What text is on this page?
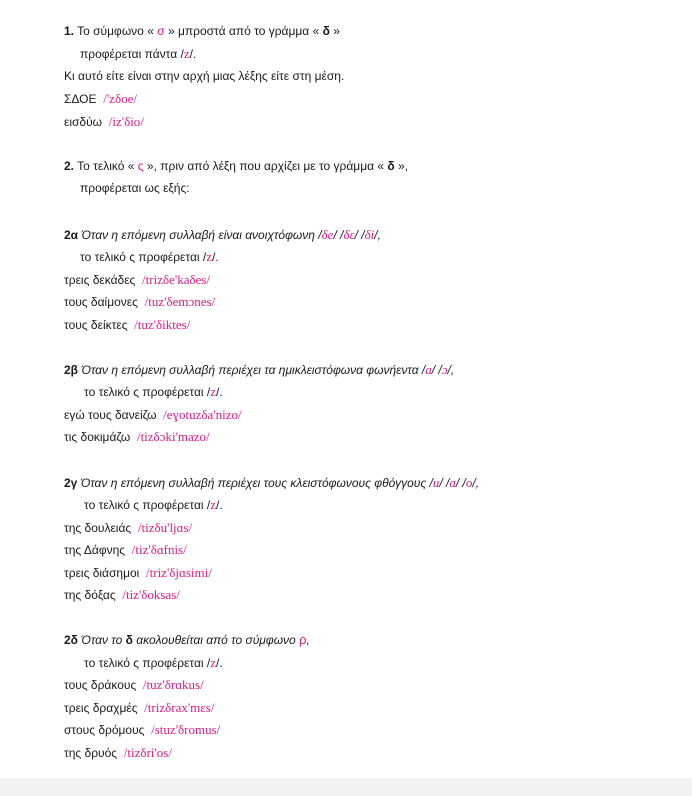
1. Το σύμφωνο « σ » μπροστά από το γράμμα « δ »
προφέρεται πάντα /z/.
Κι αυτό είτε είναι στην αρχή μιας λέξης είτε στη μέση.
ΣΔΟΕ /'zδoe/
εισδύω /iz'δio/
2. Το τελικό « ς », πριν από λέξη που αρχίζει με το γράμμα « δ »,
προφέρεται ως εξής:
2α Όταν η επόμενη συλλαβή είναι ανοιχτόφωνη /δe/ /δε/ /δi/,
το τελικό ς προφέρεται /z/.
τρεις δεκάδες /trizδe'kaδes/
τους δαίμονες /tuz'δemɔnes/
τους δείκτες /tuz'δiktes/
2β Όταν η επόμενη συλλαβή περιέχει τα ημικλειστόφωνα φωνήεντα /a/ /ɔ/,
το τελικό ς προφέρεται /z/.
εγώ τους δανείζω /eɣotuzδa'nizo/
τις δοκιμάζω /tizδɔki'mazo/
2γ Όταν η επόμενη συλλαβή περιέχει τους κλειστόφωνους φθόγγους /u/ /ɑ/ /o/,
το τελικό ς προφέρεται /z/.
της δουλειάς /tizδu'ljɑs/
της Δάφνης /tiz'δɑfnis/
τρεις διάσημοι /triz'δjɑsimi/
της δόξας /tiz'δoksas/
2δ Όταν το δ ακολουθείται από το σύμφωνο ρ,
το τελικό ς προφέρεται /z/.
τους δράκους /tuz'δrɑkus/
τρεις δραχμές /trizδrax'mɛs/
στους δρόμους /stuz'δromus/
της δρυός /tizδri'os/
